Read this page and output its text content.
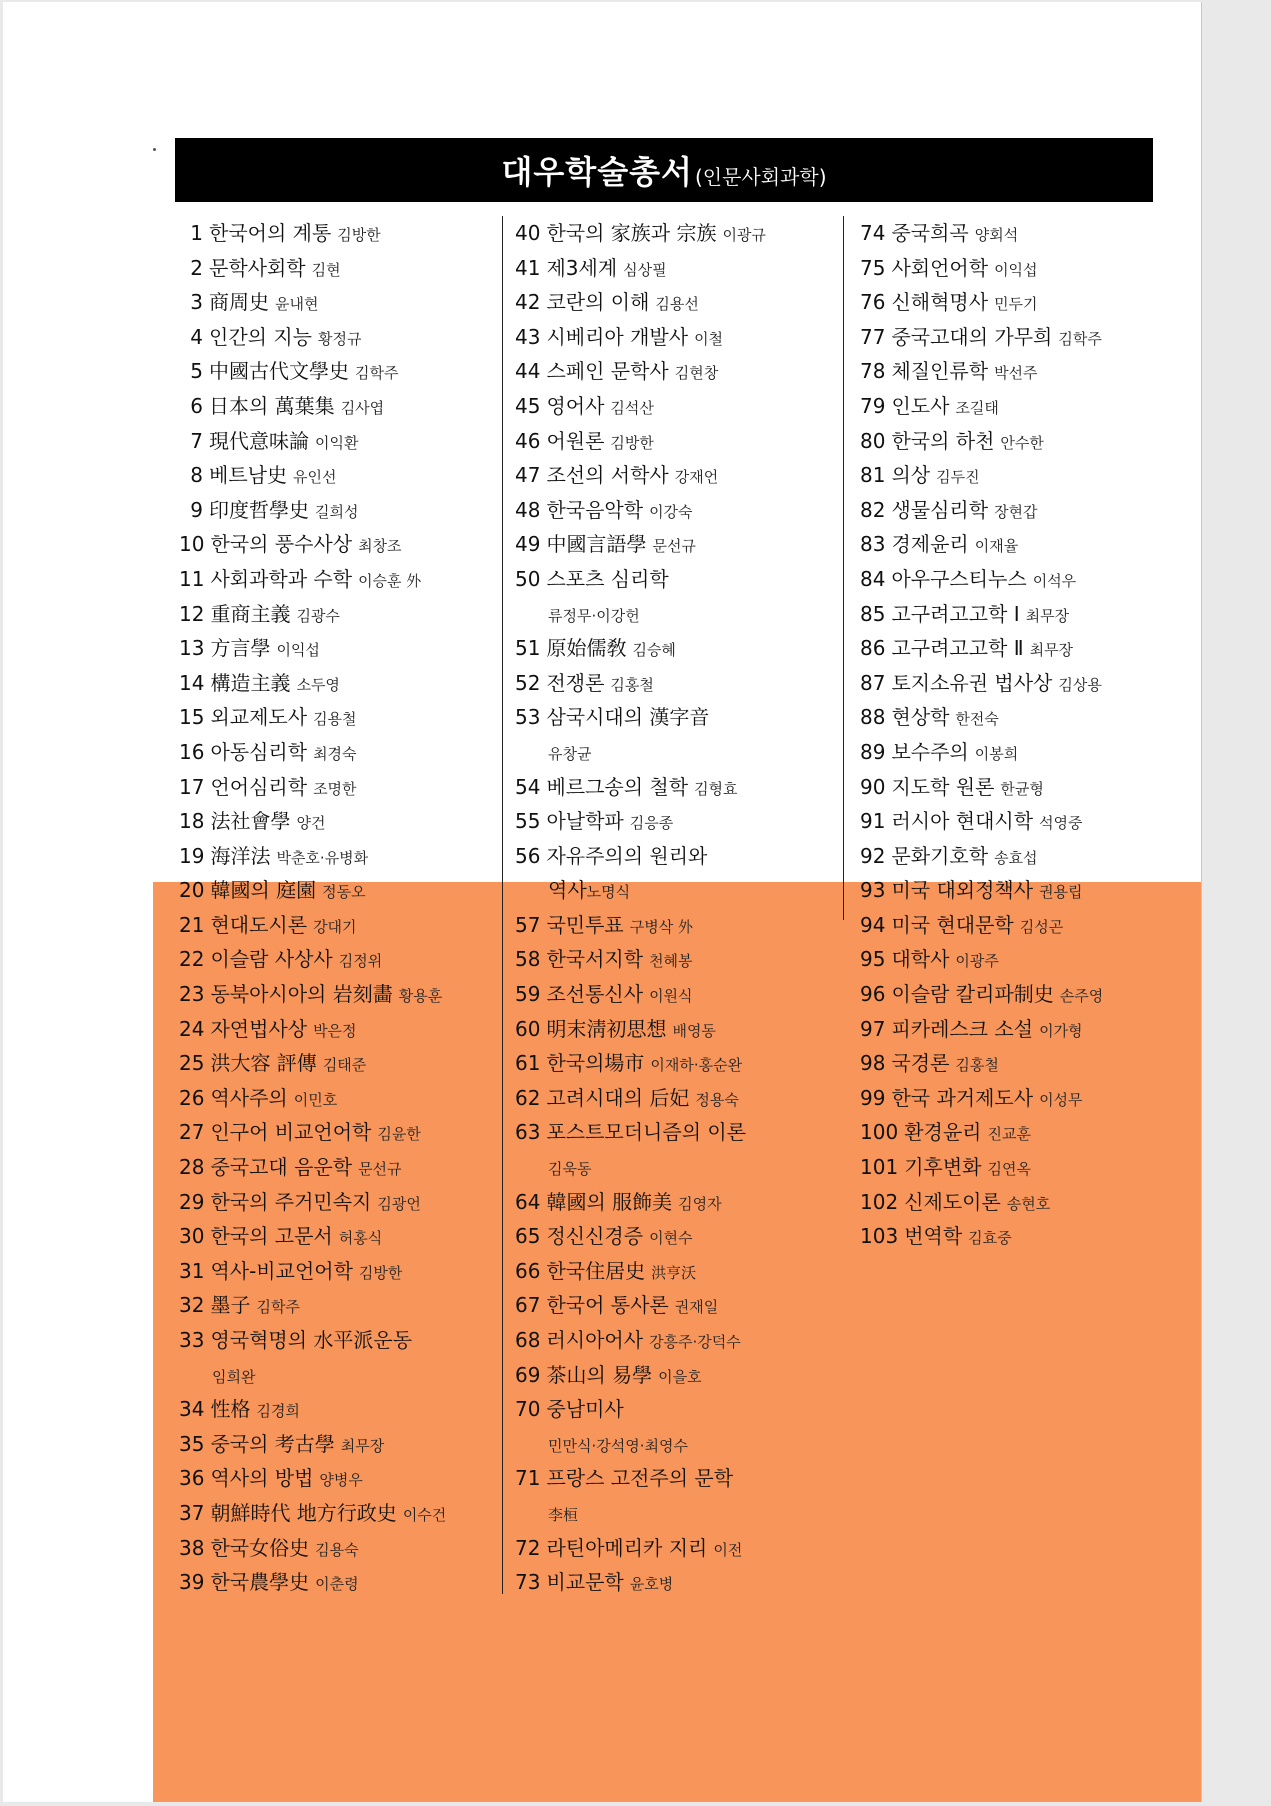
대우학술총서 (인문사회과학)
1 한국어의 계통 김방한
2 문학사회학 김현
3 商周史 윤내현
4 인간의 지능 황정규
5 中國古代文學史 김학주
6 日本의 萬葉集 김사엽
7 現代意味論 이익환
8 베트남史 유인선
9 印度哲學史 길희성
10 한국의 풍수사상 최창조
11 사회과학과 수학 이승훈 外
12 重商主義 김광수
13 方言學 이익섭
14 構造主義 소두영
15 외교제도사 김용철
16 아동심리학 최경숙
17 언어심리학 조명한
18 法社會學 양건
19 海洋法 박춘호·유병화
20 韓國의 庭園 정동오
21 현대도시론 강대기
22 이슬람 사상사 김정위
23 동북아시아의 岩刻畵 황용훈
24 자연법사상 박은정
25 洪大容 評傳 김태준
26 역사주의 이민호
27 인구어 비교언어학 김윤한
28 중국고대 음운학 문선규
29 한국의 주거민속지 김광언
30 한국의 고문서 허홍식
31 역사-비교언어학 김방한
32 墨子 김학주
33 영국혁명의 水平派운동
임희완
34 性格 김경희
35 중국의 考古學 최무장
36 역사의 방법 양병우
37 朝鮮時代 地方行政史 이수건
38 한국女俗史 김용숙
39 한국農學史 이춘령
40 한국의 家族과 宗族 이광규
41 제3세계 심상필
42 코란의 이해 김용선
43 시베리아 개발사 이철
44 스페인 문학사 김현창
45 영어사 김석산
46 어원론 김방한
47 조선의 서학사 강재언
48 한국음악학 이강숙
49 中國言語學 문선규
50 스포츠 심리학
류정무·이강헌
51 原始儒敎 김승혜
52 전쟁론 김홍철
53 삼국시대의 漢字音
유창균
54 베르그송의 철학 김형효
55 아날학파 김응종
56 자유주의의 원리와
역사노명식
57 국민투표 구병삭 外
58 한국서지학 천혜봉
59 조선통신사 이원식
60 明末淸初思想 배영동
61 한국의場市 이재하·홍순완
62 고려시대의 后妃 정용숙
63 포스트모더니즘의 이론
김욱동
64 韓國의 服飾美 김영자
65 정신신경증 이현수
66 한국住居史 洪亨沃
67 한국어 통사론 권재일
68 러시아어사 강흥주·강덕수
69 茶山의 易學 이을호
70 중남미사
민만식·강석영·최영수
71 프랑스 고전주의 문학
李桓
72 라틴아메리카 지리 이전
73 비교문학 윤호병
74 중국희곡 양회석
75 사회언어학 이익섭
76 신해혁명사 민두기
77 중국고대의 가무희 김학주
78 체질인류학 박선주
79 인도사 조길태
80 한국의 하천 안수한
81 의상 김두진
82 생물심리학 장현갑
83 경제윤리 이재율
84 아우구스티누스 이석우
85 고구려고고학 Ⅰ 최무장
86 고구려고고학 Ⅱ 최무장
87 토지소유권 법사상 김상용
88 현상학 한전숙
89 보수주의 이봉희
90 지도학 원론 한균형
91 러시아 현대시학 석영중
92 문화기호학 송효섭
93 미국 대외정책사 권용립
94 미국 현대문학 김성곤
95 대학사 이광주
96 이슬람 칼리파制史 손주영
97 피카레스크 소설 이가형
98 국경론 김홍철
99 한국 과거제도사 이성무
100 환경윤리 진교훈
101 기후변화 김연옥
102 신제도이론 송현호
103 번역학 김효중
